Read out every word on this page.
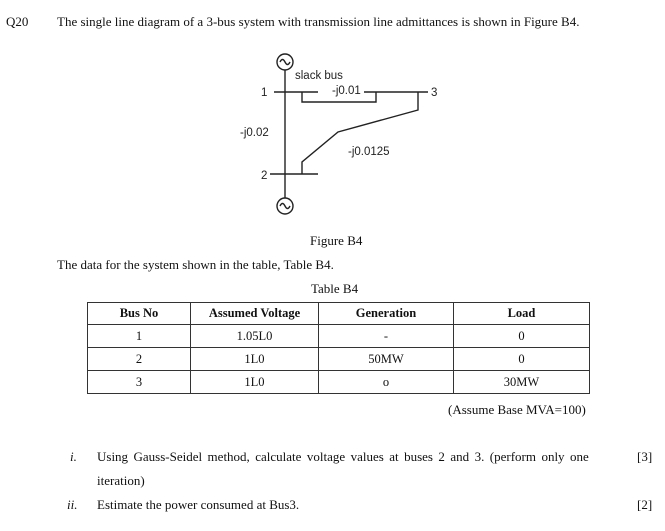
Q20 The single line diagram of a 3-bus system with transmission line admittances is shown in Figure B4.
slack bus
1	3
2
-j0.01
-j0.02
-j0.0125
Figure B4
The data for the system shown in the table, Table B4.
Table B4
Bus No	Assumed Voltage	Generation	Load
1	1.05L0	-	0
2	1L0	50MW	0
3	1L0	o	30MW
(Assume Base MVA=100)
i. Using Gauss-Seidel method, calculate voltage values at buses 2 and 3. (perform only one
iteration)
[3]
ii. Estimate the power consumed at Bus3.	[2]
